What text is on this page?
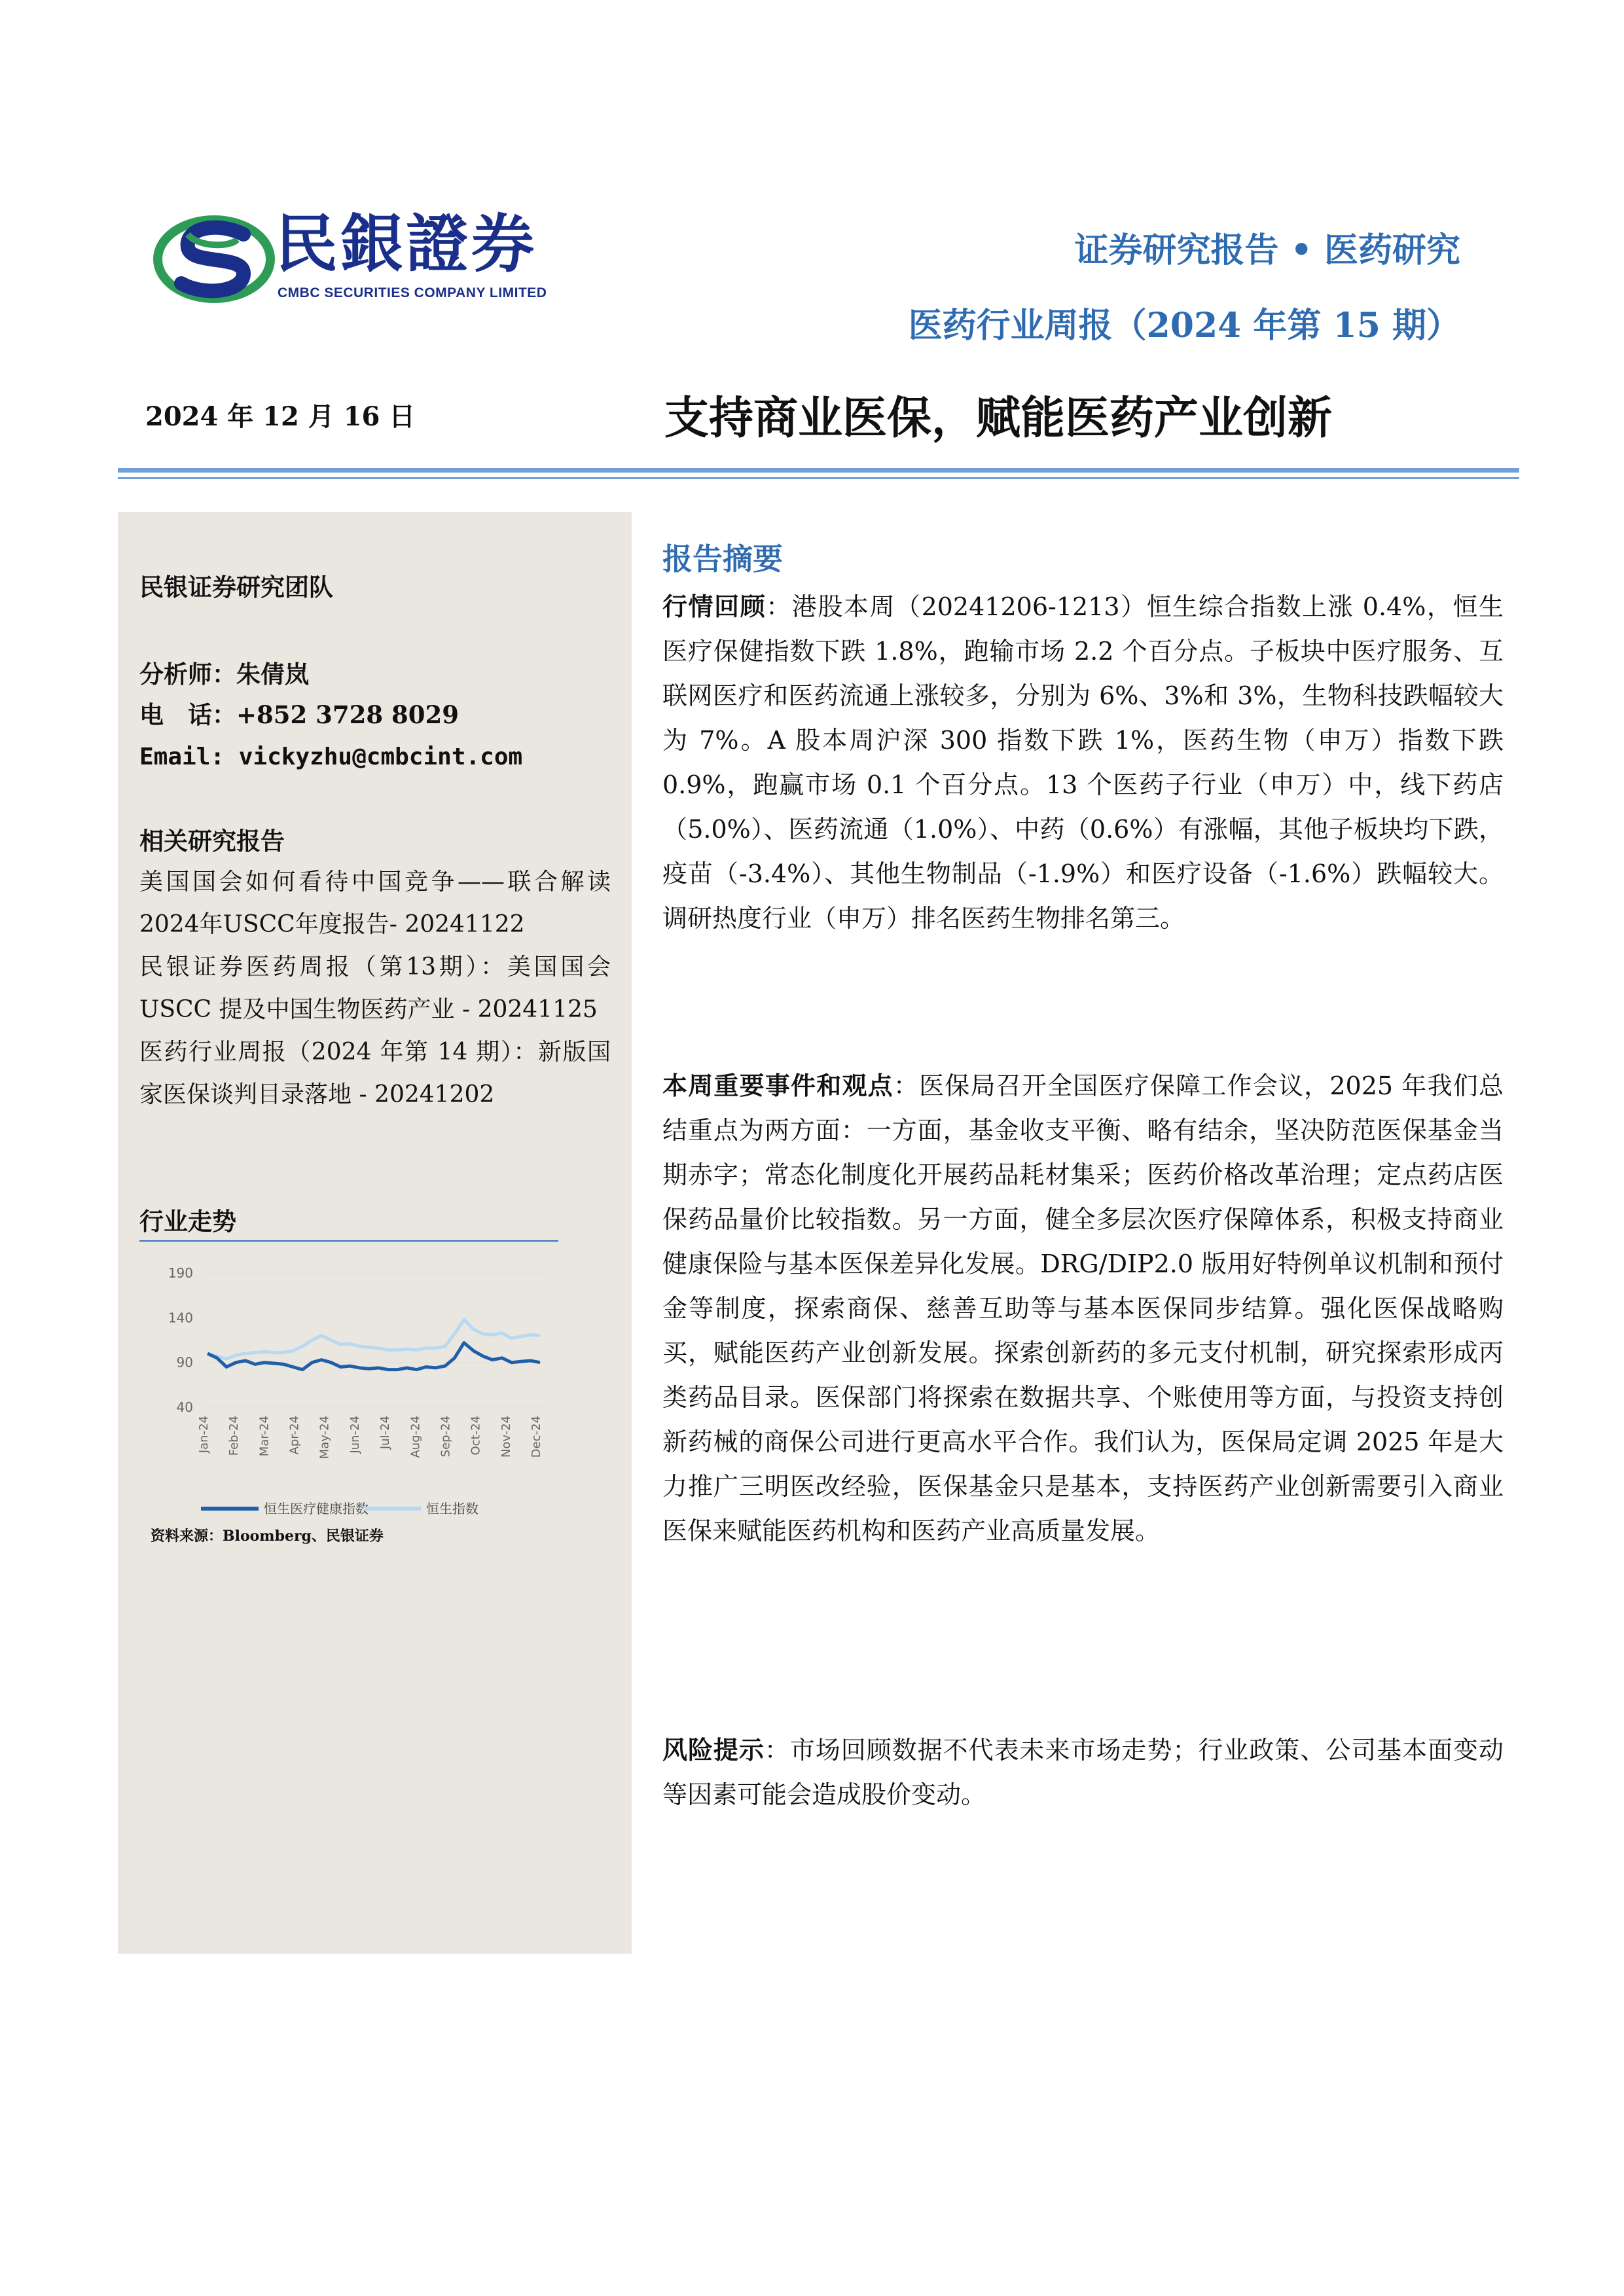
民銀證券
CMBC SECURITIES COMPANY LIMITED
证券研究报告 • 医药研究
医药行业周报（2024 年第 15 期）
2024 年 12 月 16 日	支持商业医保，赋能医药产业创新
民银证券研究团队
分析师：朱倩岚
电　话：+852 3728 8029
Email: vickyzhu@cmbcint.com
相关研究报告
美国国会如何看待中国竞争——联合解读2024年USCC年度报告- 20241122
民银证券医药周报（第13期）：美国国会 USCC 提及中国生物医药产业 - 20241125
医药行业周报（2024 年第 14 期）：新版国家医保谈判目录落地 - 20241202
行业走势
190
140
90
40
Jan-24 Feb-24 Mar-24 Apr-24 May-24 Jun-24 Jul-24 Aug-24 Sep-24 Oct-24 Nov-24 Dec-24
恒生医疗健康指数	恒生指数
资料来源：Bloomberg、民银证券
报告摘要
行情回顾：港股本周（20241206-1213）恒生综合指数上涨 0.4%，恒生医疗保健指数下跌 1.8%，跑输市场 2.2 个百分点。子板块中医疗服务、互联网医疗和医药流通上涨较多，分别为 6%、3%和 3%，生物科技跌幅较大为 7%。A 股本周沪深 300 指数下跌 1%，医药生物（申万）指数下跌 0.9%，跑赢市场 0.1 个百分点。13 个医药子行业（申万）中，线下药店（5.0%）、医药流通（1.0%）、中药（0.6%）有涨幅，其他子板块均下跌，疫苗（-3.4%）、其他生物制品（-1.9%）和医疗设备（-1.6%）跌幅较大。调研热度行业（申万）排名医药生物排名第三。
本周重要事件和观点：医保局召开全国医疗保障工作会议，2025 年我们总结重点为两方面：一方面，基金收支平衡、略有结余，坚决防范医保基金当期赤字；常态化制度化开展药品耗材集采；医药价格改革治理；定点药店医保药品量价比较指数。另一方面，健全多层次医疗保障体系，积极支持商业健康保险与基本医保差异化发展。DRG/DIP2.0 版用好特例单议机制和预付金等制度，探索商保、慈善互助等与基本医保同步结算。强化医保战略购买，赋能医药产业创新发展。探索创新药的多元支付机制，研究探索形成丙类药品目录。医保部门将探索在数据共享、个账使用等方面，与投资支持创新药械的商保公司进行更高水平合作。我们认为，医保局定调 2025 年是大力推广三明医改经验，医保基金只是基本，支持医药产业创新需要引入商业医保来赋能医药机构和医药产业高质量发展。
风险提示：市场回顾数据不代表未来市场走势；行业政策、公司基本面变动等因素可能会造成股价变动。
